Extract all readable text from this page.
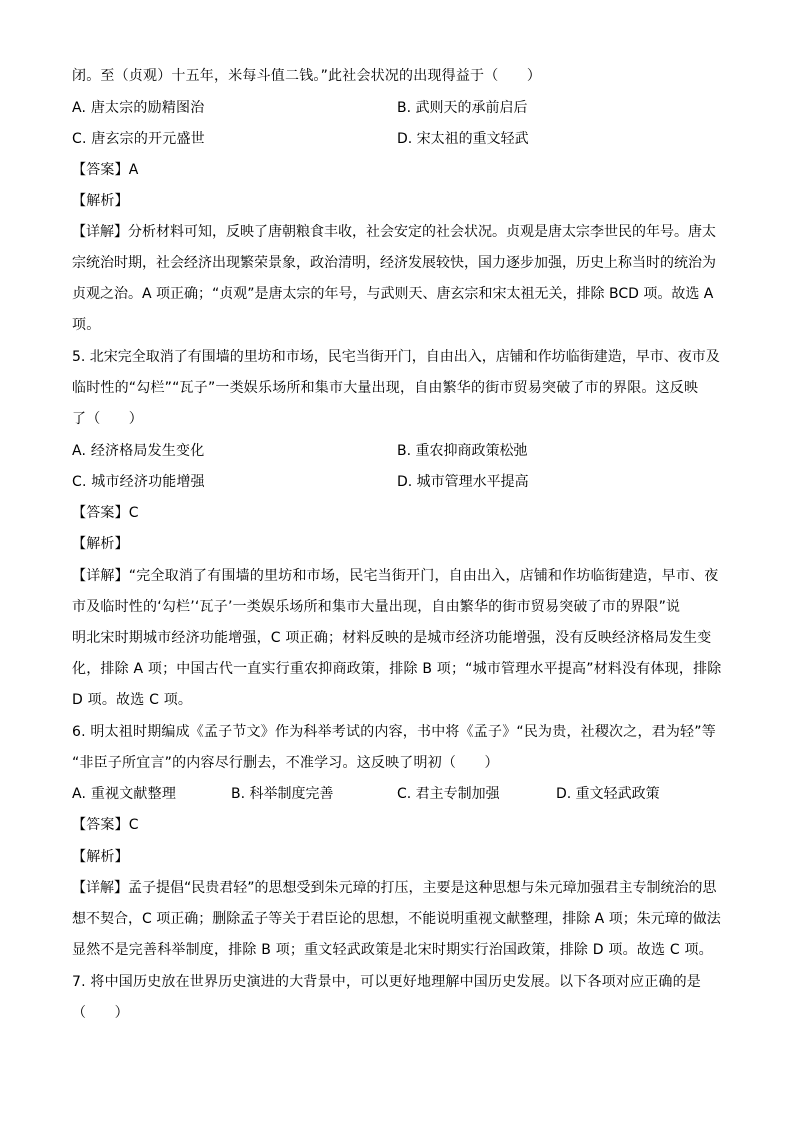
闭。至（贞观）十五年，米每斗值二钱。”此社会状况的出现得益于（　　）
A. 唐太宗的励精图治	B. 武则天的承前启后
C. 唐玄宗的开元盛世	D. 宋太祖的重文轻武
【答案】A
【解析】
【详解】分析材料可知，反映了唐朝粮食丰收，社会安定的社会状况。贞观是唐太宗李世民的年号。唐太
宗统治时期，社会经济出现繁荣景象，政治清明，经济发展较快，国力逐步加强，历史上称当时的统治为
贞观之治。A 项正确；“贞观”是唐太宗的年号，与武则天、唐玄宗和宋太祖无关，排除 BCD 项。故选 A
项。
5. 北宋完全取消了有围墙的里坊和市场，民宅当街开门，自由出入，店铺和作坊临街建造，早市、夜市及
临时性的“勾栏”“瓦子”一类娱乐场所和集市大量出现，自由繁华的街市贸易突破了市的界限。这反映
了（　　）
A. 经济格局发生变化	B. 重农抑商政策松弛
C. 城市经济功能增强	D. 城市管理水平提高
【答案】C
【解析】
【详解】“完全取消了有围墙的里坊和市场，民宅当街开门，自由出入，店铺和作坊临街建造，早市、夜
市及临时性的‘勾栏’‘瓦子’一类娱乐场所和集市大量出现，自由繁华的街市贸易突破了市的界限”说
明北宋时期城市经济功能增强，C 项正确；材料反映的是城市经济功能增强，没有反映经济格局发生变
化，排除 A 项；中国古代一直实行重农抑商政策，排除 B 项；“城市管理水平提高”材料没有体现，排除
D 项。故选 C 项。
6. 明太祖时期编成《孟子节文》作为科举考试的内容，书中将《孟子》“民为贵，社稷次之，君为轻”等
“非臣子所宜言”的内容尽行删去，不准学习。这反映了明初（　　）
A. 重视文献整理	B. 科举制度完善	C. 君主专制加强	D. 重文轻武政策
【答案】C
【解析】
【详解】孟子提倡“民贵君轻”的思想受到朱元璋的打压，主要是这种思想与朱元璋加强君主专制统治的思
想不契合，C 项正确；删除孟子等关于君臣论的思想，不能说明重视文献整理，排除 A 项；朱元璋的做法
显然不是完善科举制度，排除 B 项；重文轻武政策是北宋时期实行治国政策，排除 D 项。故选 C 项。
7. 将中国历史放在世界历史演进的大背景中，可以更好地理解中国历史发展。以下各项对应正确的是
（　　）
